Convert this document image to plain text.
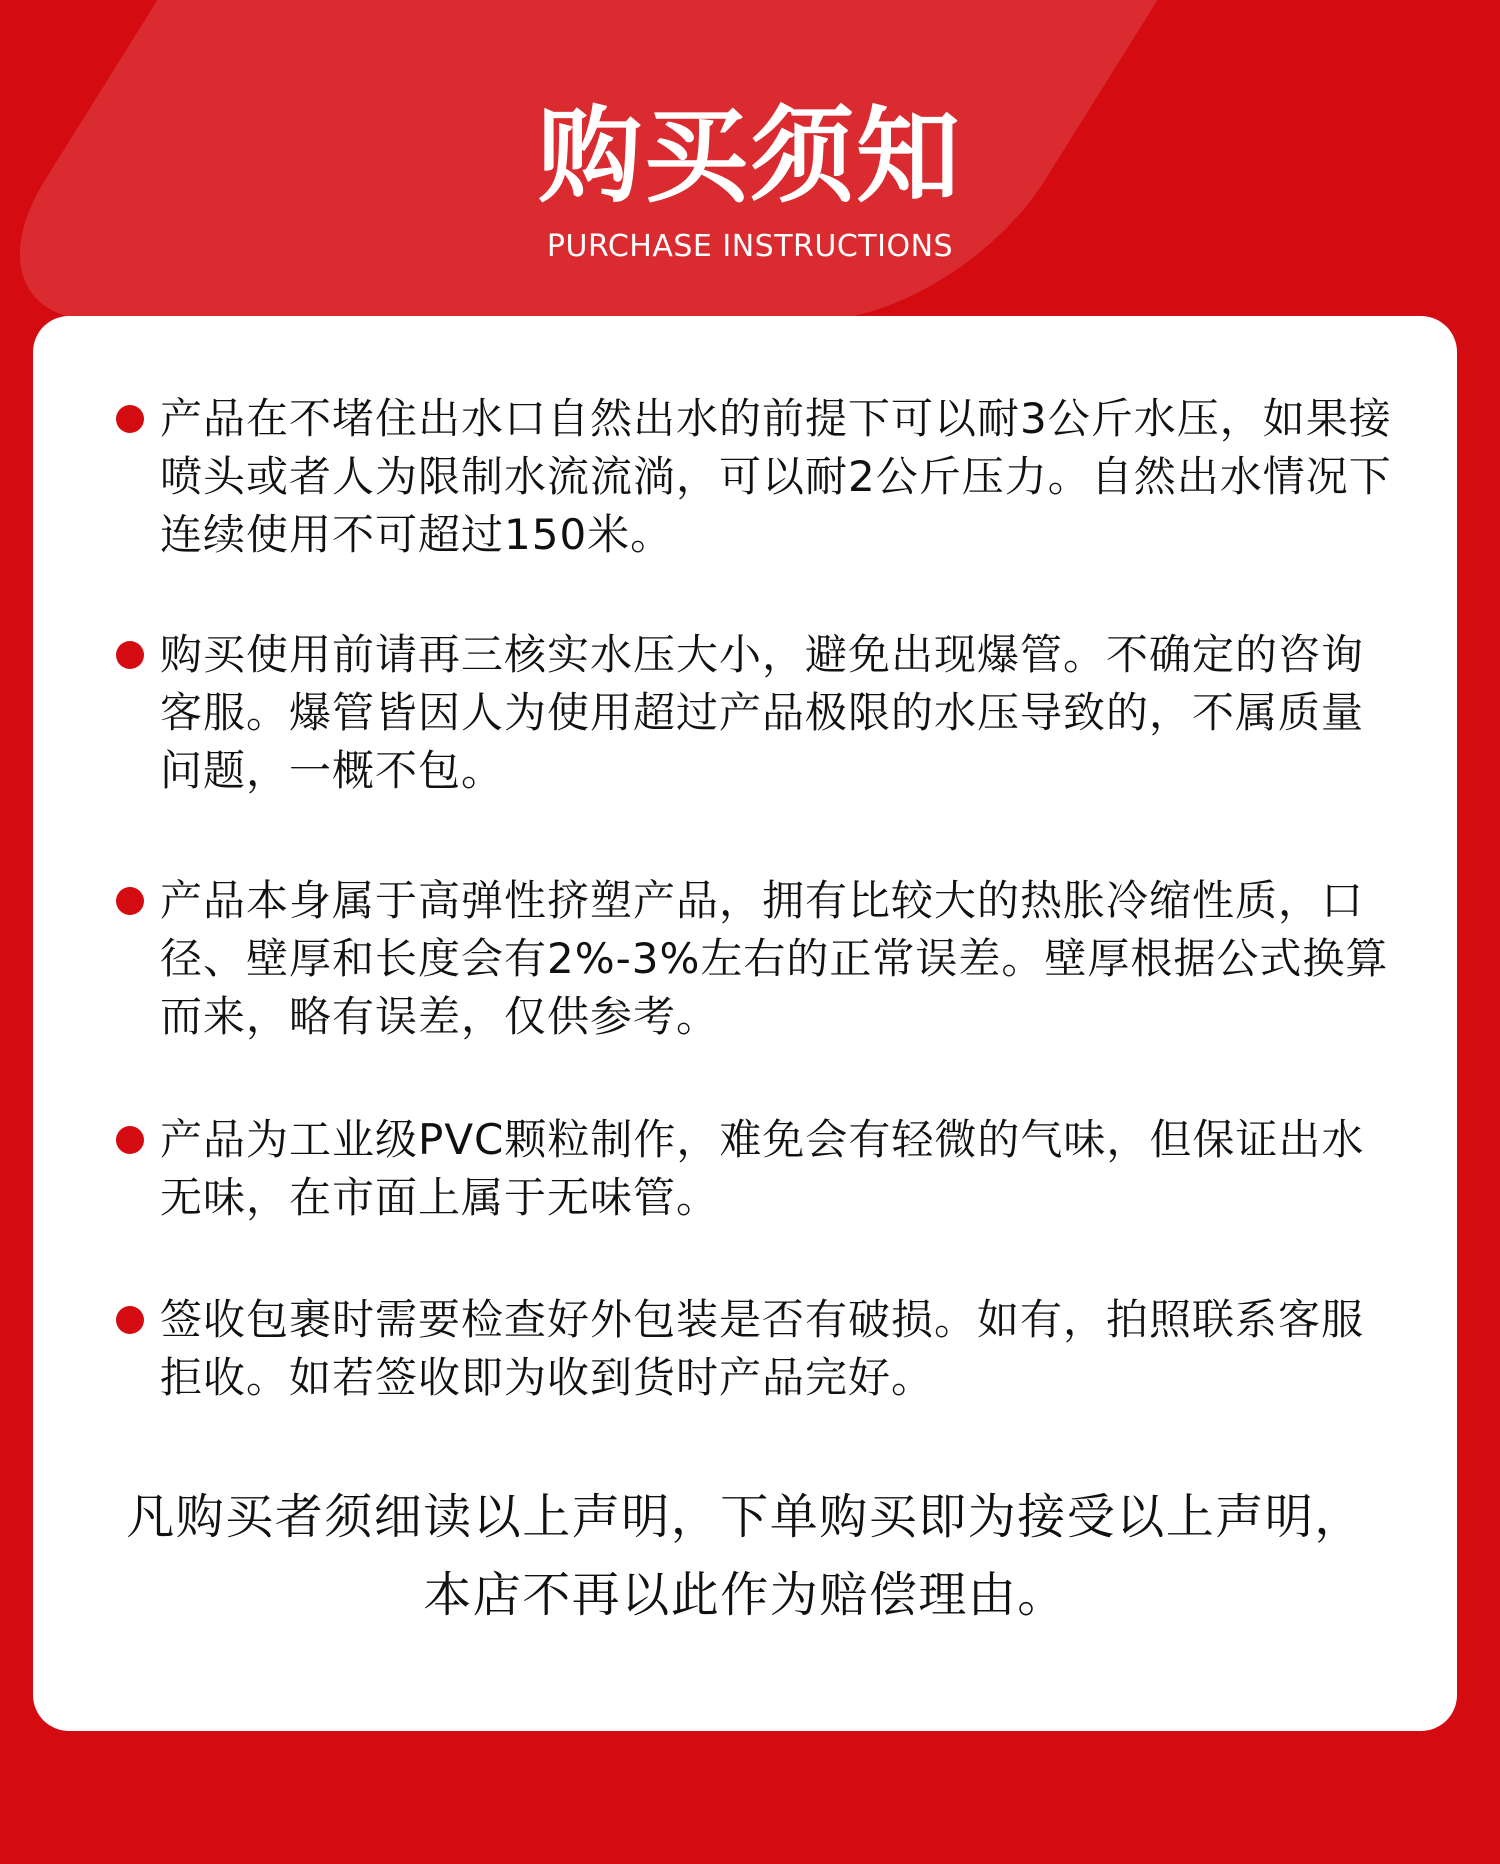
购买须知
PURCHASE INSTRUCTIONS
产品在不堵住出水口自然出水的前提下可以耐3公斤水压，如果接喷头或者人为限制水流流淌，可以耐2公斤压力。自然出水情况下连续使用不可超过150米。
购买使用前请再三核实水压大小，避免出现爆管。不确定的咨询客服。爆管皆因人为使用超过产品极限的水压导致的，不属质量问题，一概不包。
产品本身属于高弹性挤塑产品，拥有比较大的热胀冷缩性质，口径、壁厚和长度会有2%-3%左右的正常误差。壁厚根据公式换算而来，略有误差，仅供参考。
产品为工业级PVC颗粒制作，难免会有轻微的气味，但保证出水无味，在市面上属于无味管。
签收包裹时需要检查好外包装是否有破损。如有，拍照联系客服拒收。如若签收即为收到货时产品完好。
凡购买者须细读以上声明，下单购买即为接受以上声明，本店不再以此作为赔偿理由。
